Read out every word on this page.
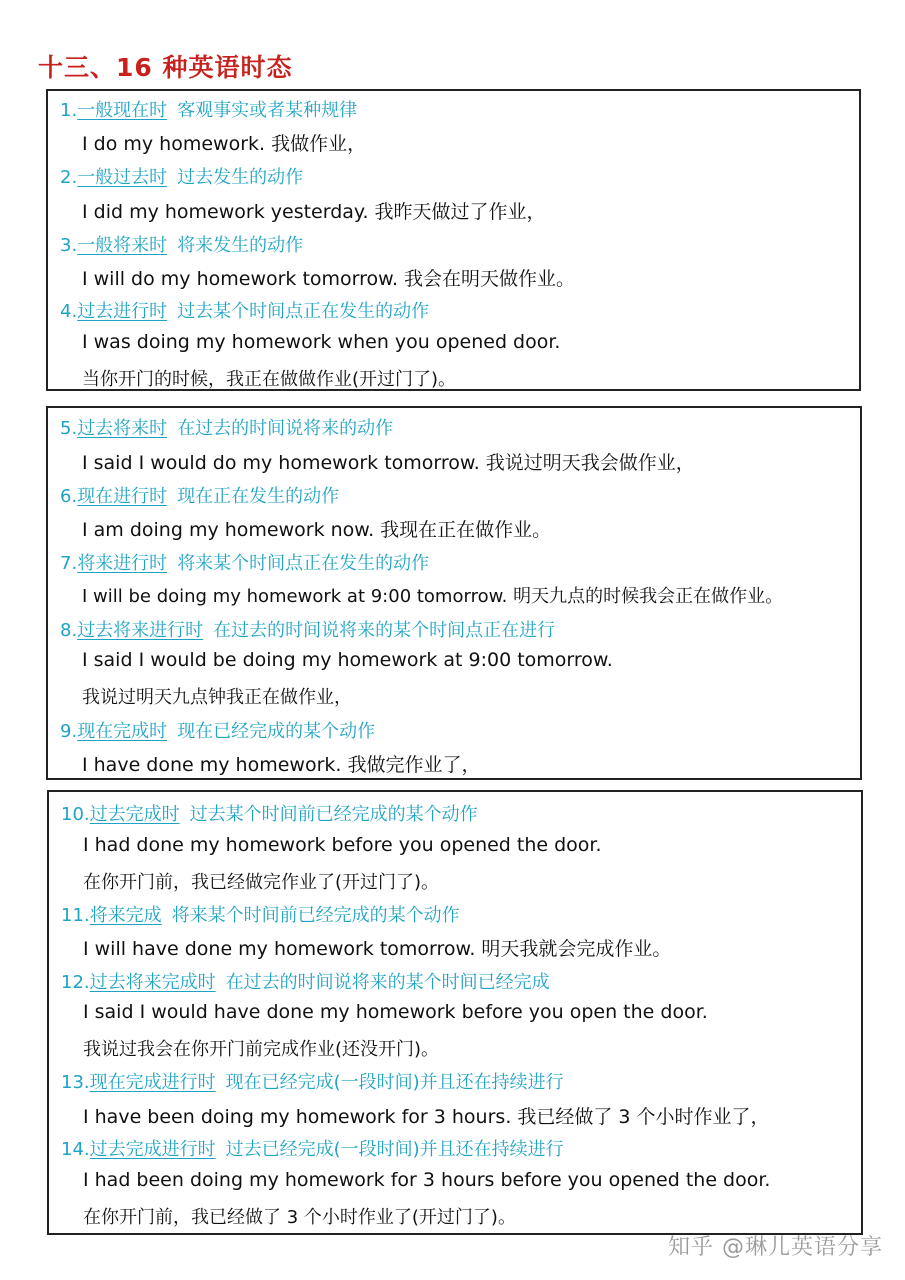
十三、16 种英语时态
1.一般现在时 客观事实或者某种规律
I do my homework. 我做作业，
2.一般过去时 过去发生的动作
I did my homework yesterday. 我昨天做过了作业，
3.一般将来时 将来发生的动作
I will do my homework tomorrow. 我会在明天做作业。
4.过去进行时 过去某个时间点正在发生的动作
I was doing my homework when you opened door.
当你开门的时候，我正在做做作业(开过门了)。
5.过去将来时 在过去的时间说将来的动作
I said I would do my homework tomorrow. 我说过明天我会做作业，
6.现在进行时 现在正在发生的动作
I am doing my homework now. 我现在正在做作业。
7.将来进行时 将来某个时间点正在发生的动作
I will be doing my homework at 9:00 tomorrow. 明天九点的时候我会正在做作业。
8.过去将来进行时 在过去的时间说将来的某个时间点正在进行
I said I would be doing my homework at 9:00 tomorrow.
我说过明天九点钟我正在做作业，
9.现在完成时 现在已经完成的某个动作
I have done my homework. 我做完作业了，
10.过去完成时 过去某个时间前已经完成的某个动作
I had done my homework before you opened the door.
在你开门前，我已经做完作业了(开过门了)。
11.将来完成 将来某个时间前已经完成的某个动作
I will have done my homework tomorrow. 明天我就会完成作业。
12.过去将来完成时 在过去的时间说将来的某个时间已经完成
I said I would have done my homework before you open the door.
我说过我会在你开门前完成作业(还没开门)。
13.现在完成进行时 现在已经完成(一段时间)并且还在持续进行
I have been doing my homework for 3 hours. 我已经做了 3 个小时作业了，
14.过去完成进行时 过去已经完成(一段时间)并且还在持续进行
I had been doing my homework for 3 hours before you opened the door.
在你开门前，我已经做了 3 个小时作业了(开过门了)。
知乎 @琳儿英语分享
